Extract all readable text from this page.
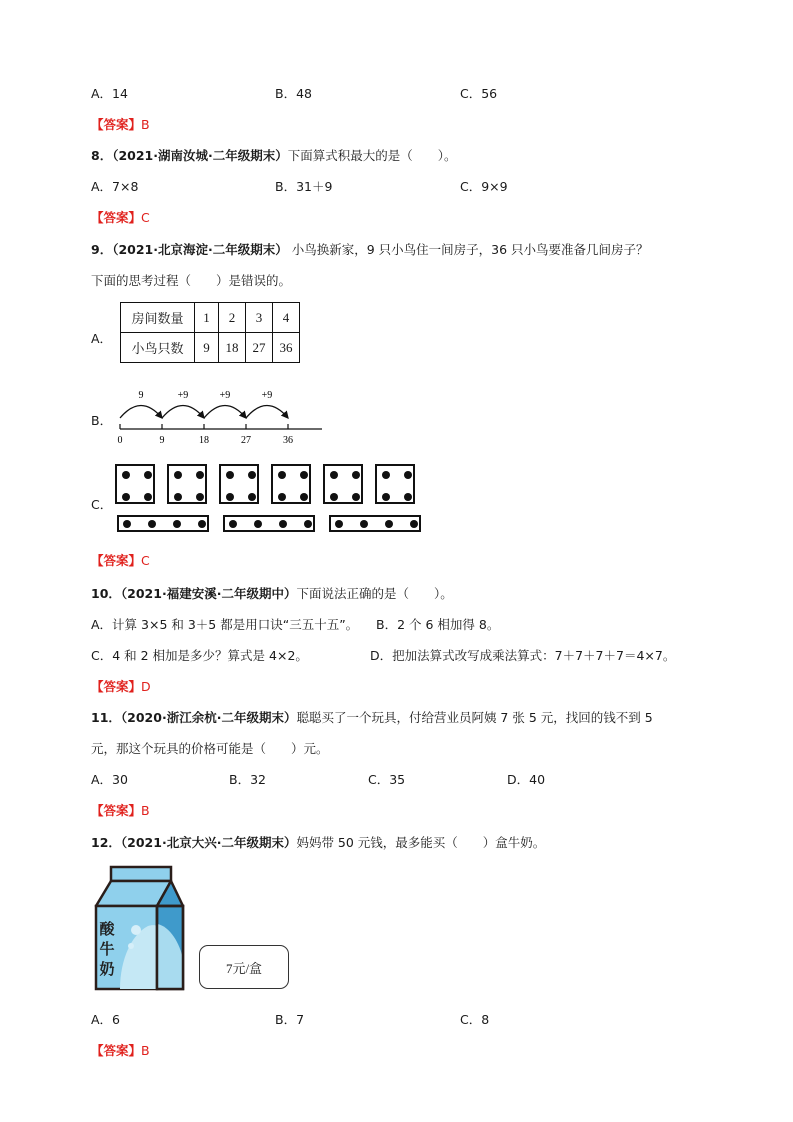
A．14	B．48	C．56
【答案】B
8．（2021·湖南汝城·二年级期末）下面算式积最大的是（　　）。
A．7×8	B．31＋9	C．9×9
【答案】C
9．（2021·北京海淀·二年级期末） 小鸟换新家，9 只小鸟住一间房子，36 只小鸟要准备几间房子？
下面的思考过程（　　）是错误的。
A．
房间数量	1	2	3	4
小鸟只数	9	18	27	36
B．
0	9	18	27	36
9	+9	+9	+9
C．
【答案】C
10．（2021·福建安溪·二年级期中）下面说法正确的是（　　）。
A．计算 3×5 和 3＋5 都是用口诀“三五十五”。 B．2 个 6 相加得 8。
C．4 和 2 相加是多少？算式是 4×2。	D．把加法算式改写成乘法算式：7＋7＋7＋7＝4×7。
【答案】D
11．（2020·浙江余杭·二年级期末）聪聪买了一个玩具，付给营业员阿姨 7 张 5 元，找回的钱不到 5
元，那这个玩具的价格可能是（　　）元。
A．30	B．32	C．35	D．40
【答案】B
12．（2021·北京大兴·二年级期末）妈妈带 50 元钱，最多能买（　　）盒牛奶。
酸
牛
奶	7元/盒
A．6	B．7	C．8
【答案】B
